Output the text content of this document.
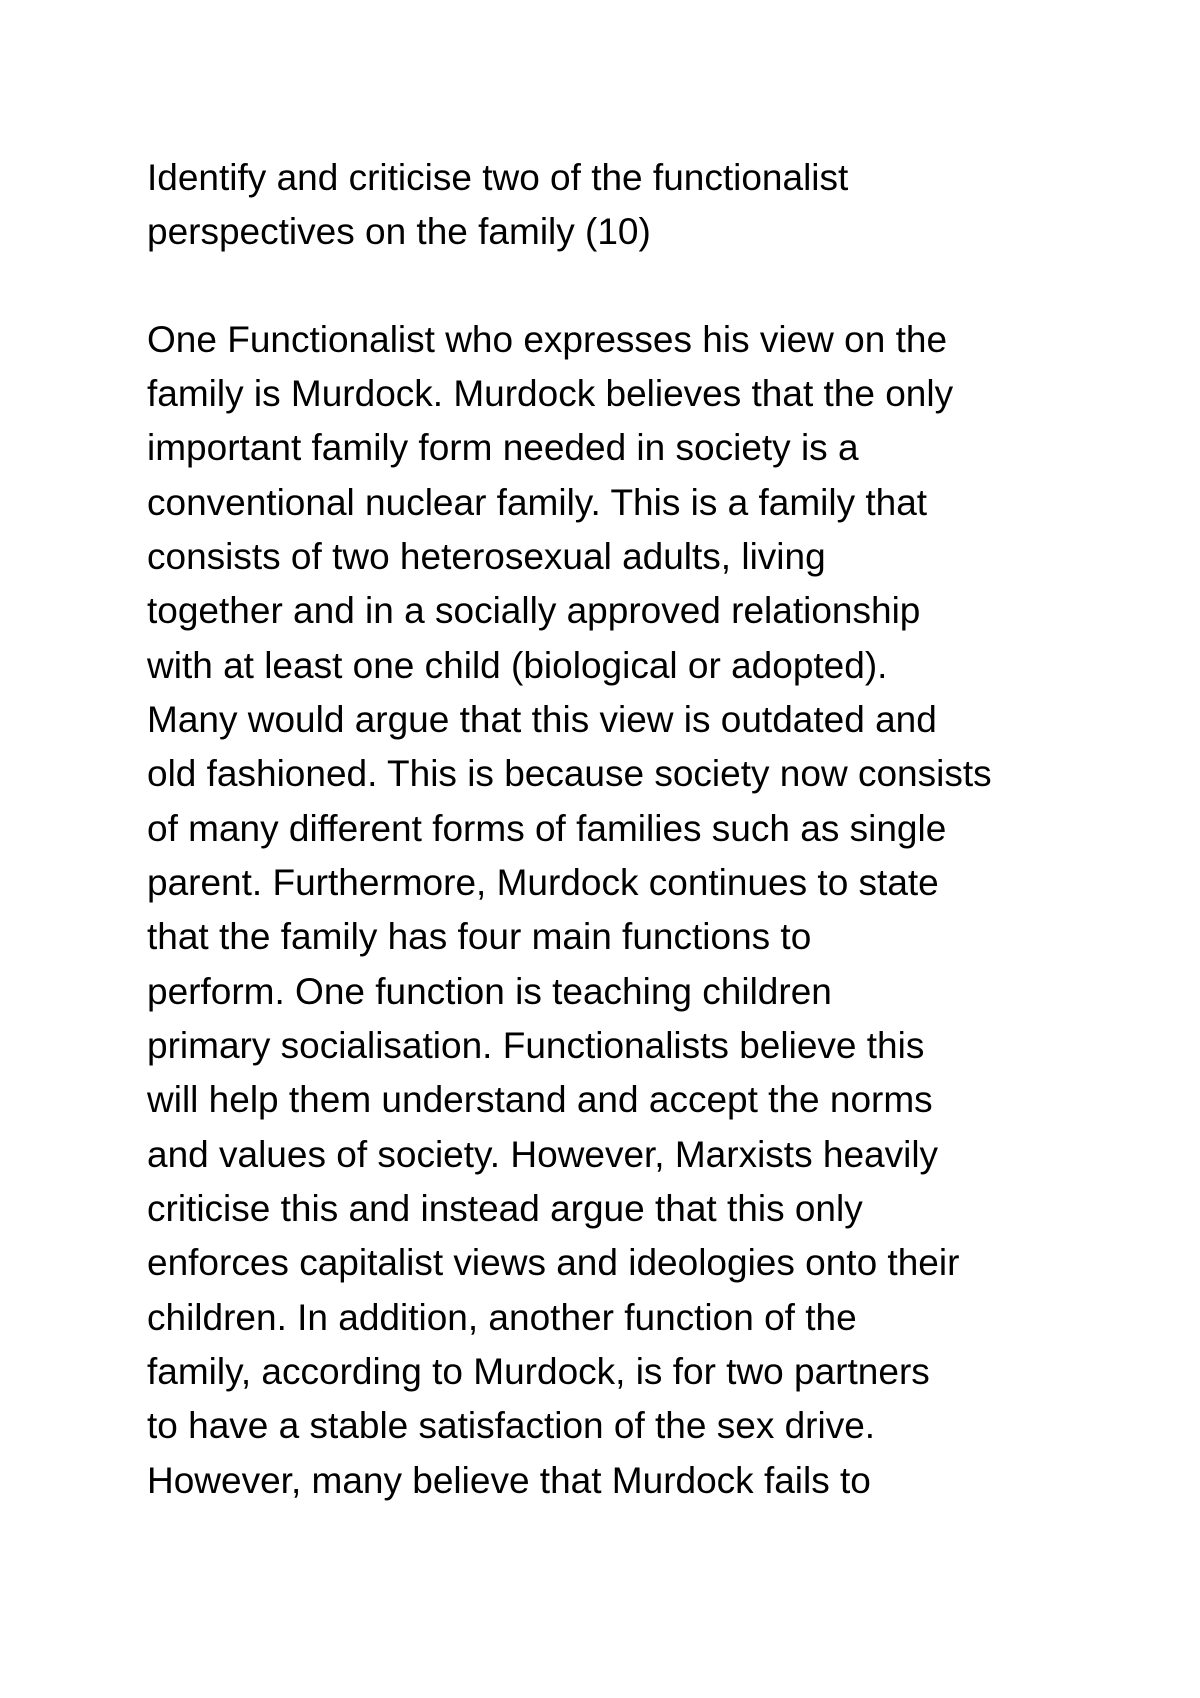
Identify and criticise two of the functionalist

perspectives on the family (10)

One Functionalist who expresses his view on the

family is Murdock. Murdock believes that the only

important family form needed in society is a

conventional nuclear family. This is a family that

consists of two heterosexual adults, living

together and in a socially approved relationship

with at least one child (biological or adopted).

Many would argue that this view is outdated and

old fashioned. This is because society now consists

of many different forms of families such as single

parent. Furthermore, Murdock continues to state

that the family has four main functions to

perform. One function is teaching children

primary socialisation. Functionalists believe this

will help them understand and accept the norms

and values of society. However, Marxists heavily

criticise this and instead argue that this only

enforces capitalist views and ideologies onto their

children. In addition, another function of the

family, according to Murdock, is for two partners

to have a stable satisfaction of the sex drive.

However, many believe that Murdock fails to
